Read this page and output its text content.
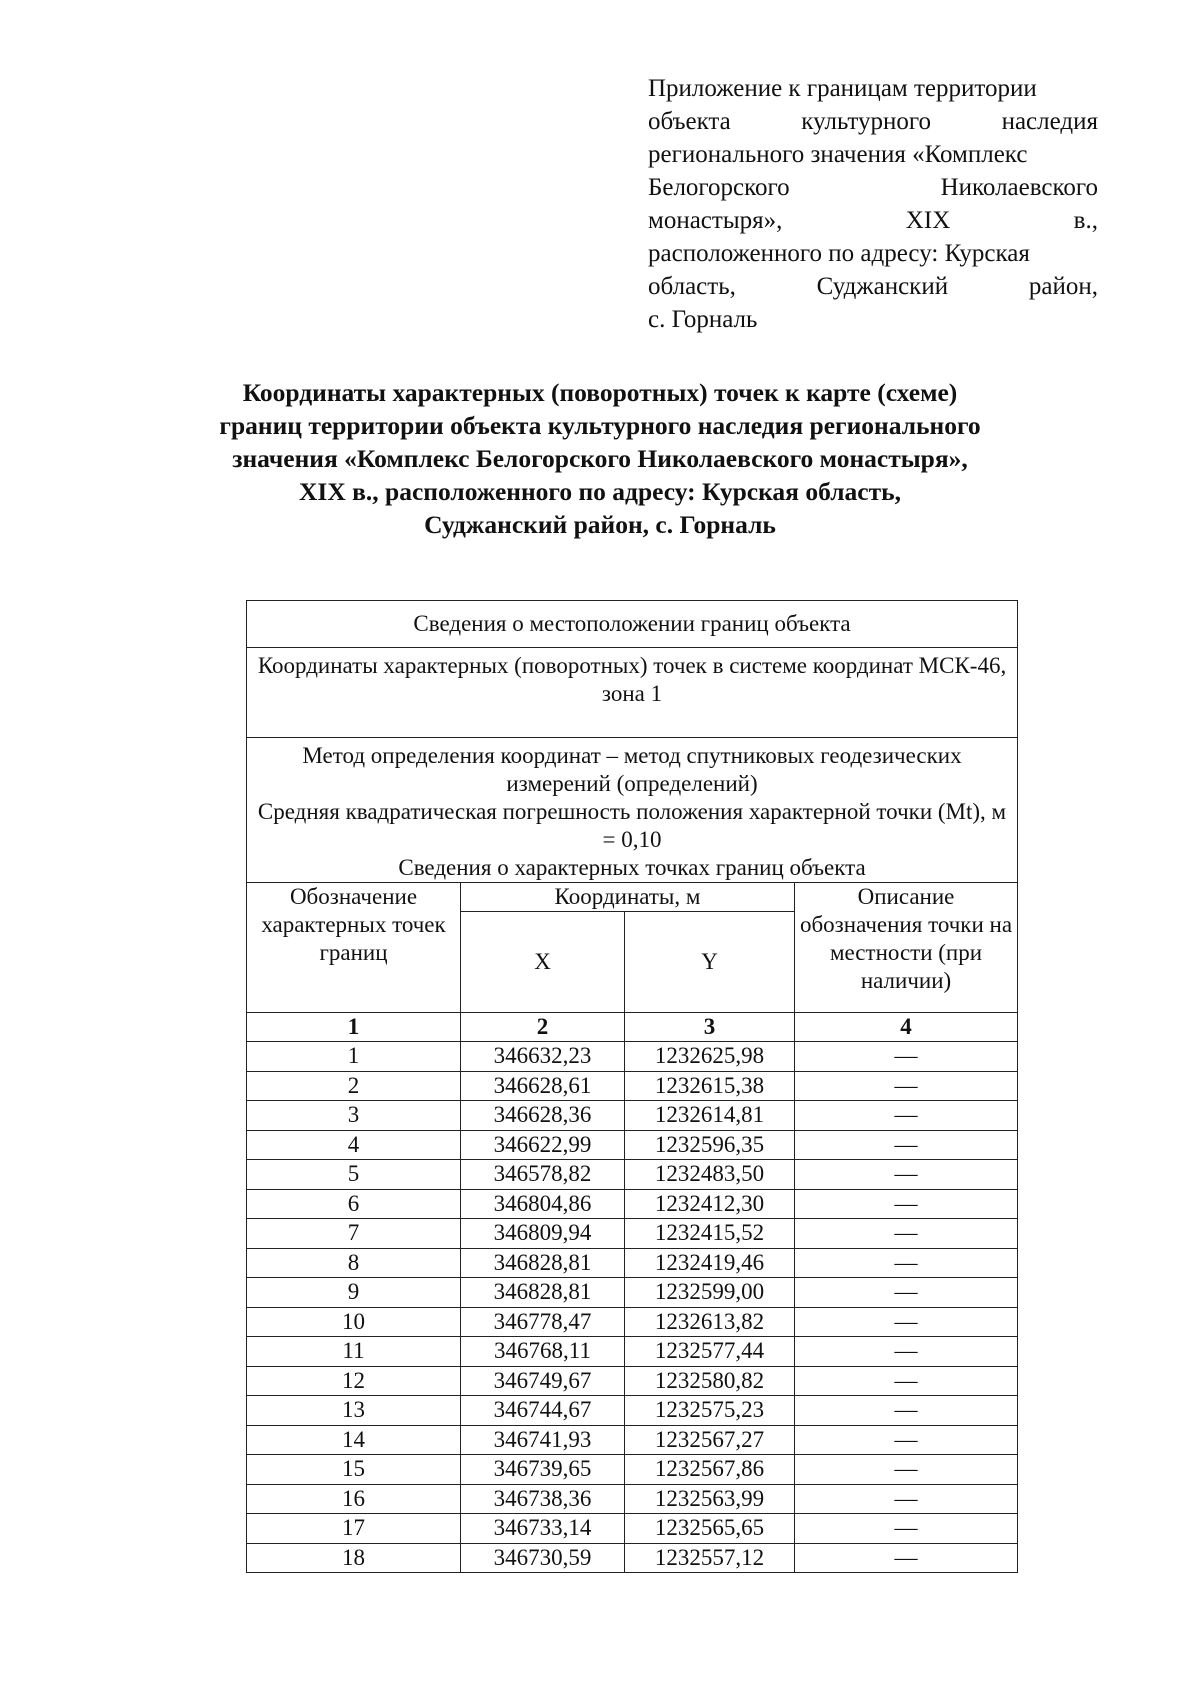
Приложение к границам территории
объекта культурного наследия
регионального значения «Комплекс
Белогорского Николаевского
монастыря», XIX в.,
расположенного по адресу: Курская
область, Суджанский район,
с. Горналь
Координаты характерных (поворотных) точек к карте (схеме)
границ территории объекта культурного наследия регионального
значения «Комплекс Белогорского Николаевского монастыря»,
XIX в., расположенного по адресу: Курская область,
Суджанский район, с. Горналь
Сведения о местоположении границ объекта			
Координаты характерных (поворотных) точек в системе координат МСК-46, зона 1			

Метод определения координат – метод спутниковых геодезических измерений (определений)
Средняя квадратическая погрешность положения характерной точки (Mt), м = 0,10
Сведения о характерных точках границ объекта			

Обозначение характерных точек границ	Координаты, м		Описание обозначения точки на местности (при наличии)
	X	Y	
1	2	3	4
1	346632,23	1232625,98	—
2	346628,61	1232615,38	—
3	346628,36	1232614,81	—
4	346622,99	1232596,35	—
5	346578,82	1232483,50	—
6	346804,86	1232412,30	—
7	346809,94	1232415,52	—
8	346828,81	1232419,46	—
9	346828,81	1232599,00	—
10	346778,47	1232613,82	—
11	346768,11	1232577,44	—
12	346749,67	1232580,82	—
13	346744,67	1232575,23	—
14	346741,93	1232567,27	—
15	346739,65	1232567,86	—
16	346738,36	1232563,99	—
17	346733,14	1232565,65	—
18	346730,59	1232557,12	—
